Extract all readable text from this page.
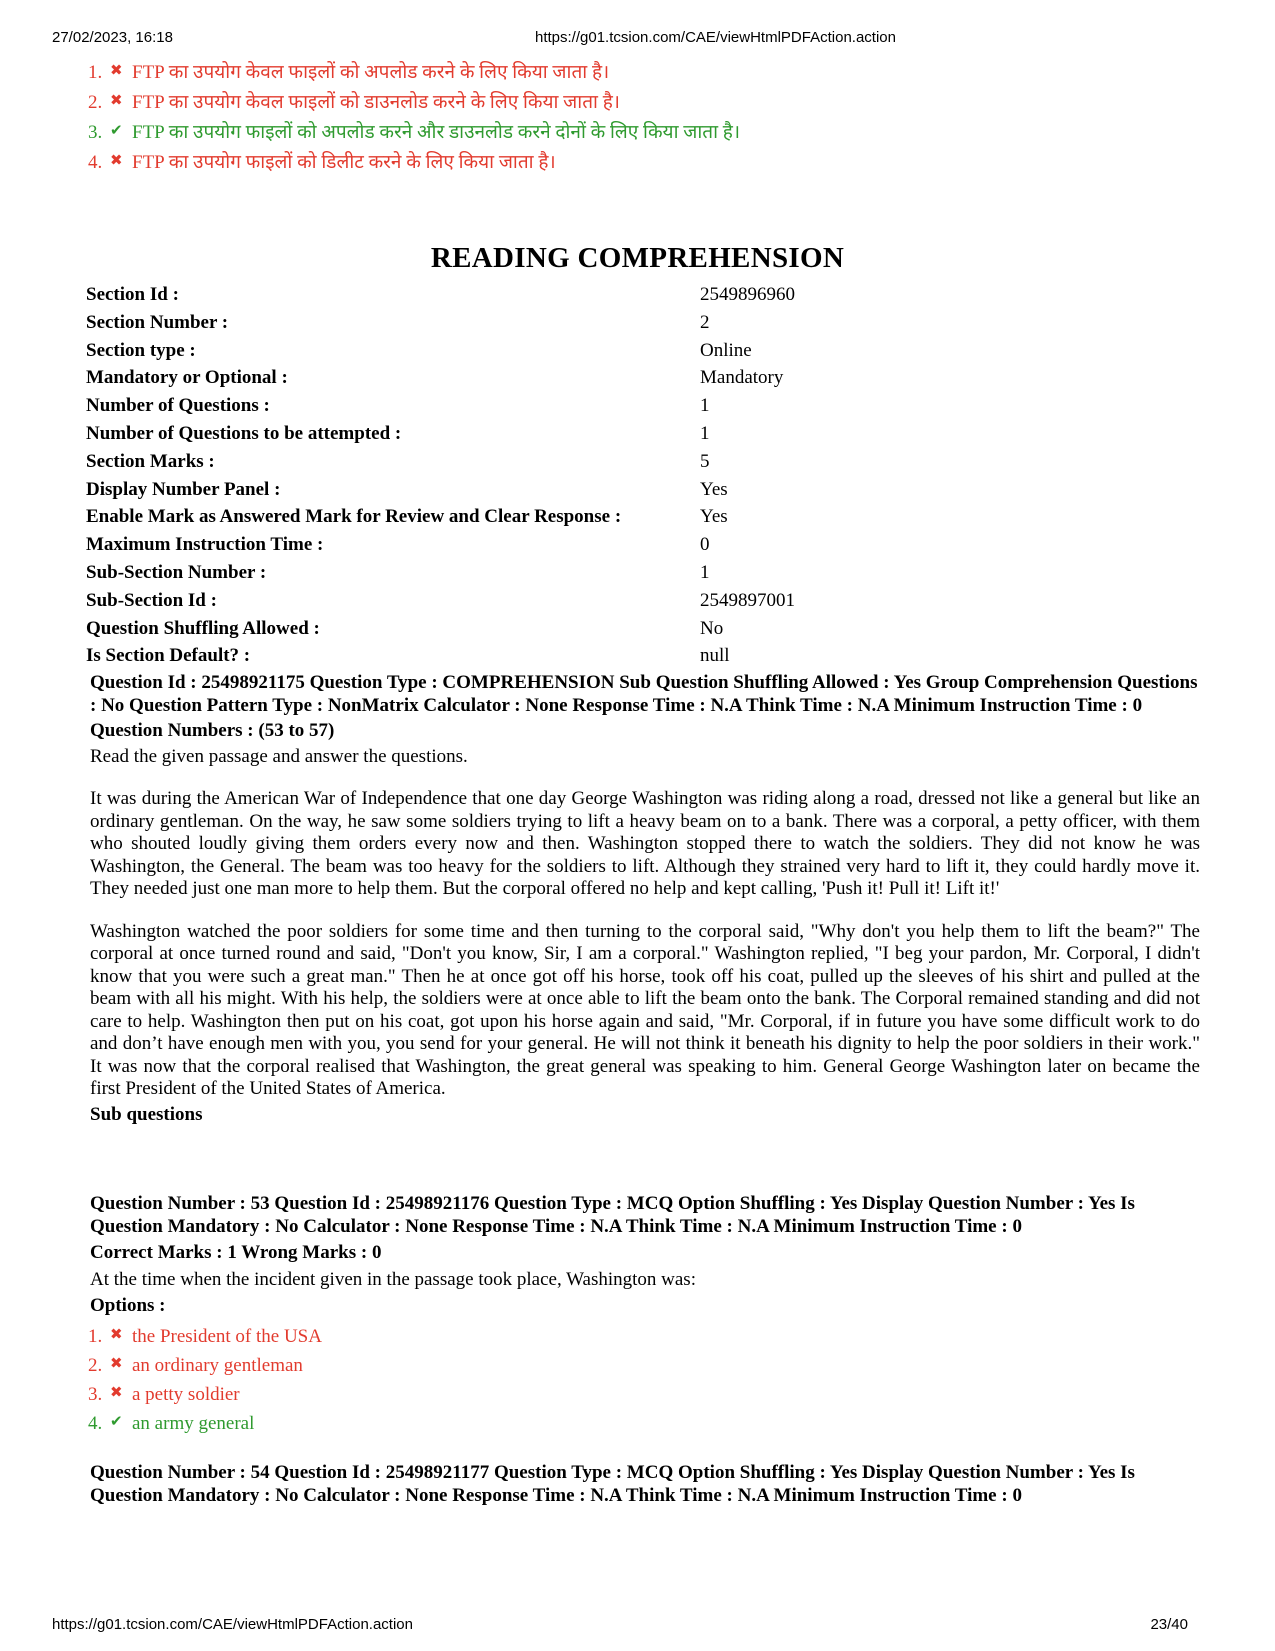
27/02/2023, 16:18	https://g01.tcsion.com/CAE/viewHtmlPDFAction.action
1. ✖ FTP का उपयोग केवल फाइलों को अपलोड करने के लिए किया जाता है।
2. ✖ FTP का उपयोग केवल फाइलों को डाउनलोड करने के लिए किया जाता है।
3. ✔ FTP का उपयोग फाइलों को अपलोड करने और डाउनलोड करने दोनों के लिए किया जाता है।
4. ✖ FTP का उपयोग फाइलों को डिलीट करने के लिए किया जाता है।
READING COMPREHENSION
Section Id :	2549896960
Section Number :	2
Section type :	Online
Mandatory or Optional :	Mandatory
Number of Questions :	1
Number of Questions to be attempted :	1
Section Marks :	5
Display Number Panel :	Yes
Enable Mark as Answered Mark for Review and Clear Response :	Yes
Maximum Instruction Time :	0
Sub-Section Number :	1
Sub-Section Id :	2549897001
Question Shuffling Allowed :	No
Is Section Default? :	null
Question Id : 25498921175 Question Type : COMPREHENSION Sub Question Shuffling Allowed : Yes Group Comprehension Questions : No Question Pattern Type : NonMatrix Calculator : None Response Time : N.A Think Time : N.A Minimum Instruction Time : 0
Question Numbers : (53 to 57)
Read the given passage and answer the questions.
It was during the American War of Independence that one day George Washington was riding along a road, dressed not like a general but like an ordinary gentleman. On the way, he saw some soldiers trying to lift a heavy beam on to a bank. There was a corporal, a petty officer, with them who shouted loudly giving them orders every now and then. Washington stopped there to watch the soldiers. They did not know he was Washington, the General. The beam was too heavy for the soldiers to lift. Although they strained very hard to lift it, they could hardly move it. They needed just one man more to help them. But the corporal offered no help and kept calling, 'Push it! Pull it! Lift it!'
Washington watched the poor soldiers for some time and then turning to the corporal said, "Why don't you help them to lift the beam?" The corporal at once turned round and said, "Don't you know, Sir, I am a corporal." Washington replied, "I beg your pardon, Mr. Corporal, I didn't know that you were such a great man." Then he at once got off his horse, took off his coat, pulled up the sleeves of his shirt and pulled at the beam with all his might. With his help, the soldiers were at once able to lift the beam onto the bank. The Corporal remained standing and did not care to help. Washington then put on his coat, got upon his horse again and said, "Mr. Corporal, if in future you have some difficult work to do and don’t have enough men with you, you send for your general. He will not think it beneath his dignity to help the poor soldiers in their work." It was now that the corporal realised that Washington, the great general was speaking to him. General George Washington later on became the first President of the United States of America.
Sub questions
Question Number : 53 Question Id : 25498921176 Question Type : MCQ Option Shuffling : Yes Display Question Number : Yes Is Question Mandatory : No Calculator : None Response Time : N.A Think Time : N.A Minimum Instruction Time : 0
Correct Marks : 1 Wrong Marks : 0
At the time when the incident given in the passage took place, Washington was:
Options :
1. ✖ the President of the USA
2. ✖ an ordinary gentleman
3. ✖ a petty soldier
4. ✔ an army general
Question Number : 54 Question Id : 25498921177 Question Type : MCQ Option Shuffling : Yes Display Question Number : Yes Is Question Mandatory : No Calculator : None Response Time : N.A Think Time : N.A Minimum Instruction Time : 0
https://g01.tcsion.com/CAE/viewHtmlPDFAction.action	23/40
